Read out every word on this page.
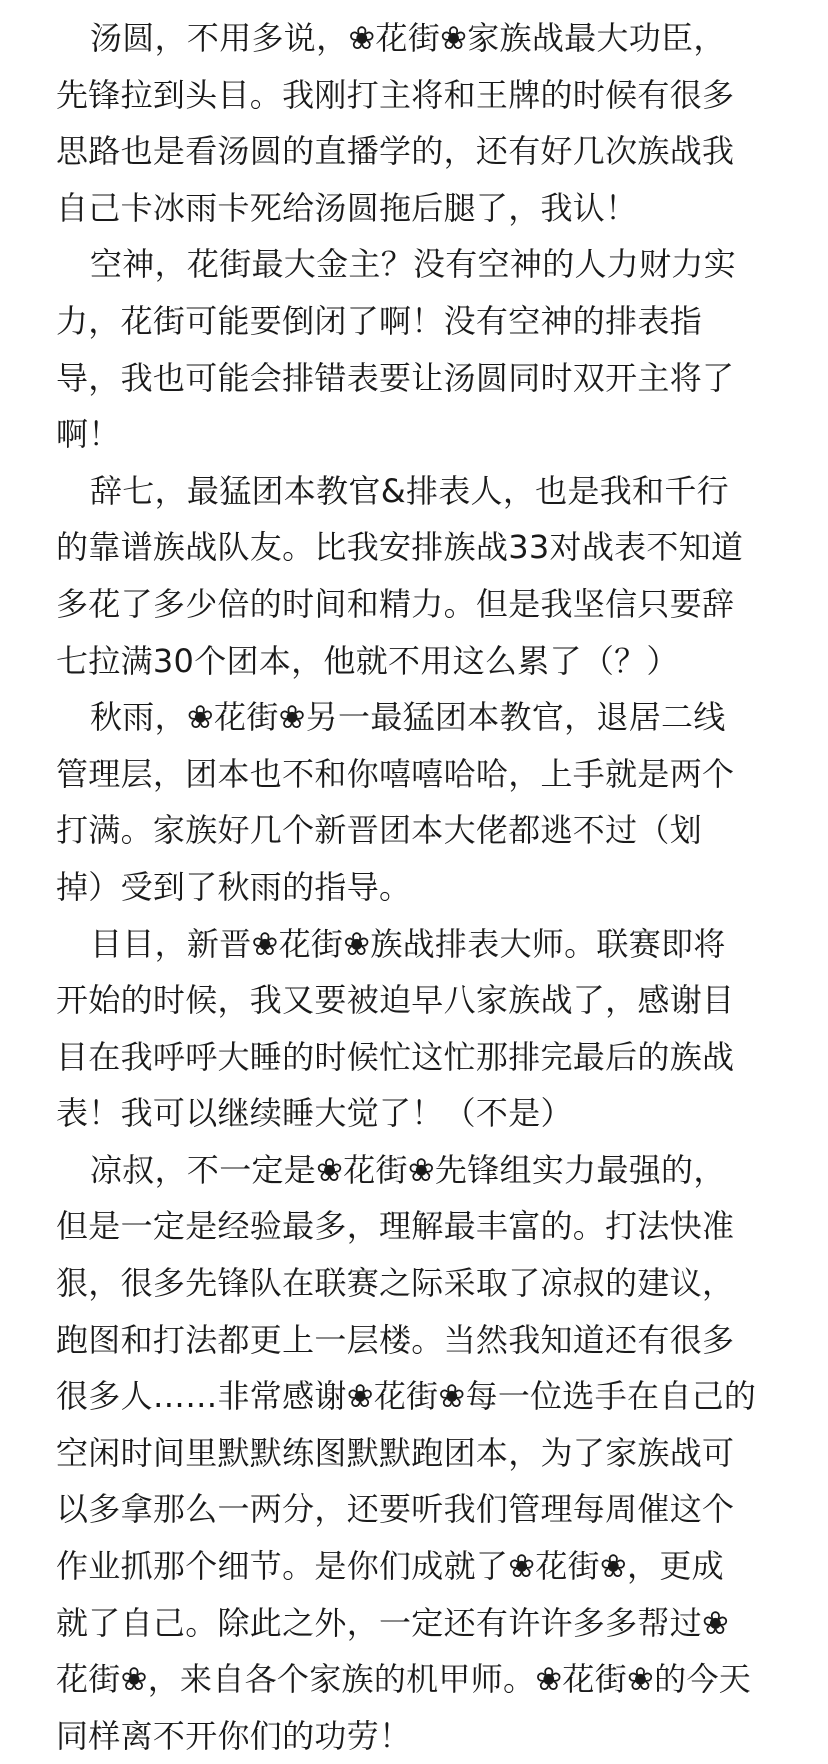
汤圆，不用多说，❀花街❀家族战最大功臣，
先锋拉到头目。我刚打主将和王牌的时候有很多
思路也是看汤圆的直播学的，还有好几次族战我
自己卡冰雨卡死给汤圆拖后腿了，我认！
空神，花街最大金主？没有空神的人力财力实
力，花街可能要倒闭了啊！没有空神的排表指
导，我也可能会排错表要让汤圆同时双开主将了
啊！
辞七，最猛团本教官&排表人，也是我和千行
的靠谱族战队友。比我安排族战33对战表不知道
多花了多少倍的时间和精力。但是我坚信只要辞
七拉满30个团本，他就不用这么累了（？）
秋雨，❀花街❀另一最猛团本教官，退居二线
管理层，团本也不和你嘻嘻哈哈，上手就是两个
打满。家族好几个新晋团本大佬都逃不过（划
掉）受到了秋雨的指导。
目目，新晋❀花街❀族战排表大师。联赛即将
开始的时候，我又要被迫早八家族战了，感谢目
目在我呼呼大睡的时候忙这忙那排完最后的族战
表！我可以继续睡大觉了！（不是）
凉叔，不一定是❀花街❀先锋组实力最强的，
但是一定是经验最多，理解最丰富的。打法快准
狠，很多先锋队在联赛之际采取了凉叔的建议，
跑图和打法都更上一层楼。当然我知道还有很多
很多人……非常感谢❀花街❀每一位选手在自己的
空闲时间里默默练图默默跑团本，为了家族战可
以多拿那么一两分，还要听我们管理每周催这个
作业抓那个细节。是你们成就了❀花街❀，更成
就了自己。除此之外，一定还有许许多多帮过❀
花街❀，来自各个家族的机甲师。❀花街❀的今天
同样离不开你们的功劳！
